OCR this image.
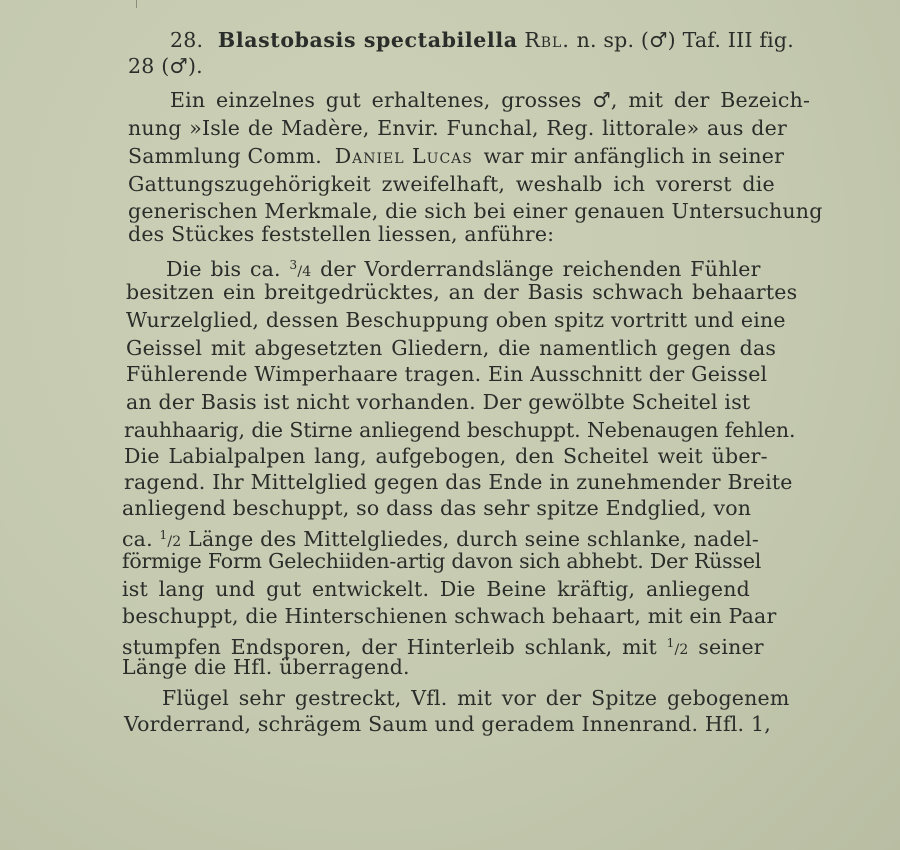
28. Blastobasis spectabilella Rbl. n. sp. (♂) Taf. III fig.
28 (♂).
Ein einzelnes gut erhaltenes, grosses ♂, mit der Bezeich-
nung »Isle de Madère, Envir. Funchal, Reg. littorale» aus der
Sammlung Comm. Daniel Lucas war mir anfänglich in seiner
Gattungszugehörigkeit zweifelhaft, weshalb ich vorerst die
generischen Merkmale, die sich bei einer genauen Untersuchung
des Stückes feststellen liessen, anführe:
Die bis ca. $^3$/4 der Vorderrandslänge reichenden Fühler
besitzen ein breitgedrücktes, an der Basis schwach behaartes
Wurzelglied, dessen Beschuppung oben spitz vortritt und eine
Geissel mit abgesetzten Gliedern, die namentlich gegen das
Fühlerende Wimperhaare tragen. Ein Ausschnitt der Geissel
an der Basis ist nicht vorhanden. Der gewölbte Scheitel ist
rauhhaarig, die Stirne anliegend beschuppt. Nebenaugen fehlen.
Die Labialpalpen lang, aufgebogen, den Scheitel weit über-
ragend. Ihr Mittelglied gegen das Ende in zunehmender Breite
anliegend beschuppt, so dass das sehr spitze Endglied, von
ca. $^1$/2 Länge des Mittelgliedes, durch seine schlanke, nadel-
förmige Form Gelechiiden-artig davon sich abhebt. Der Rüssel
ist lang und gut entwickelt. Die Beine kräftig, anliegend
beschuppt, die Hinterschienen schwach behaart, mit ein Paar
stumpfen Endsporen, der Hinterleib schlank, mit $^1$/2 seiner
Länge die Hfl. überragend.
Flügel sehr gestreckt, Vfl. mit vor der Spitze gebogenem
Vorderrand, schrägem Saum und geradem Innenrand. Hfl. 1,
